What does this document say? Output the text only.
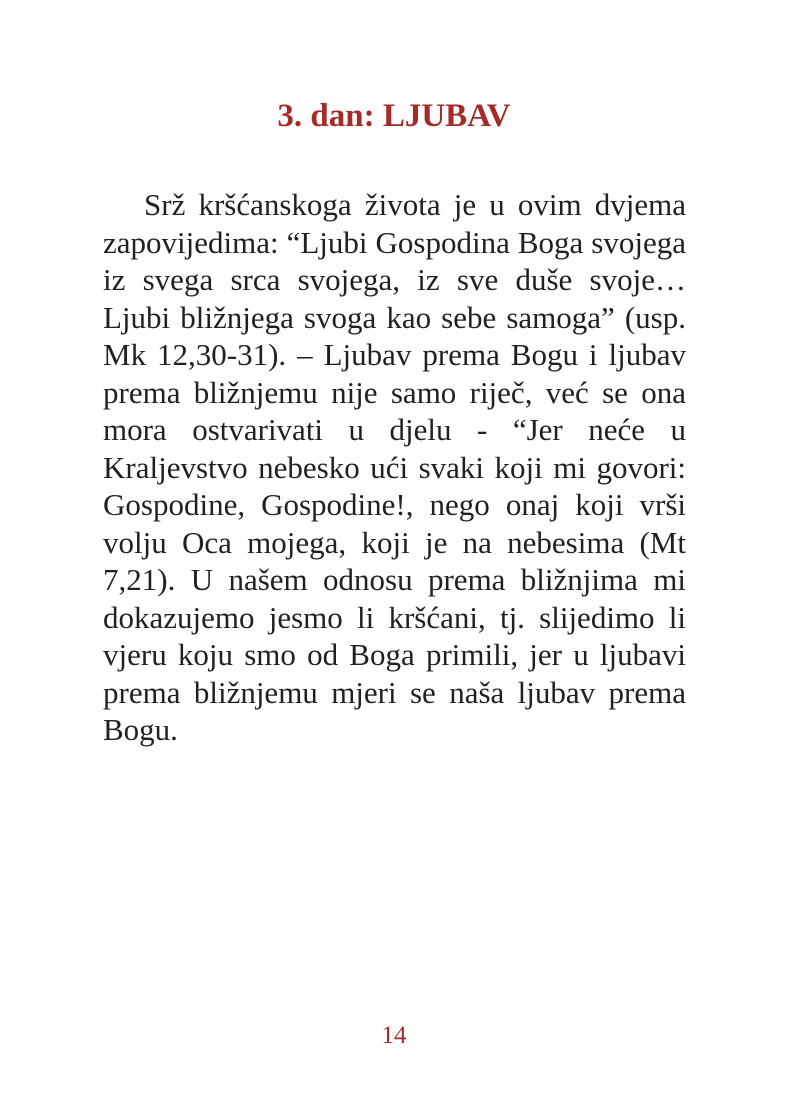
3. dan: LJUBAV

Srž kršćanskoga života je u ovim dvjema zapovijedima: “Ljubi Gospodina Boga svojega iz svega srca svojega, iz sve duše svoje… Ljubi bližnjega svoga kao sebe samoga” (usp. Mk 12,30-31). – Ljubav prema Bogu i ljubav prema bližnjemu nije samo riječ, već se ona mora ostvarivati u djelu - “Jer neće u Kraljevstvo nebesko ući svaki koji mi govori: Gospodine, Gospodine!, nego onaj koji vrši volju Oca mojega, koji je na nebesima (Mt 7,21). U našem odnosu prema bližnjima mi dokazujemo jesmo li kršćani, tj. slijedimo li vjeru koju smo od Boga primili, jer u ljubavi prema bližnjemu mjeri se naša ljubav prema Bogu.

14
